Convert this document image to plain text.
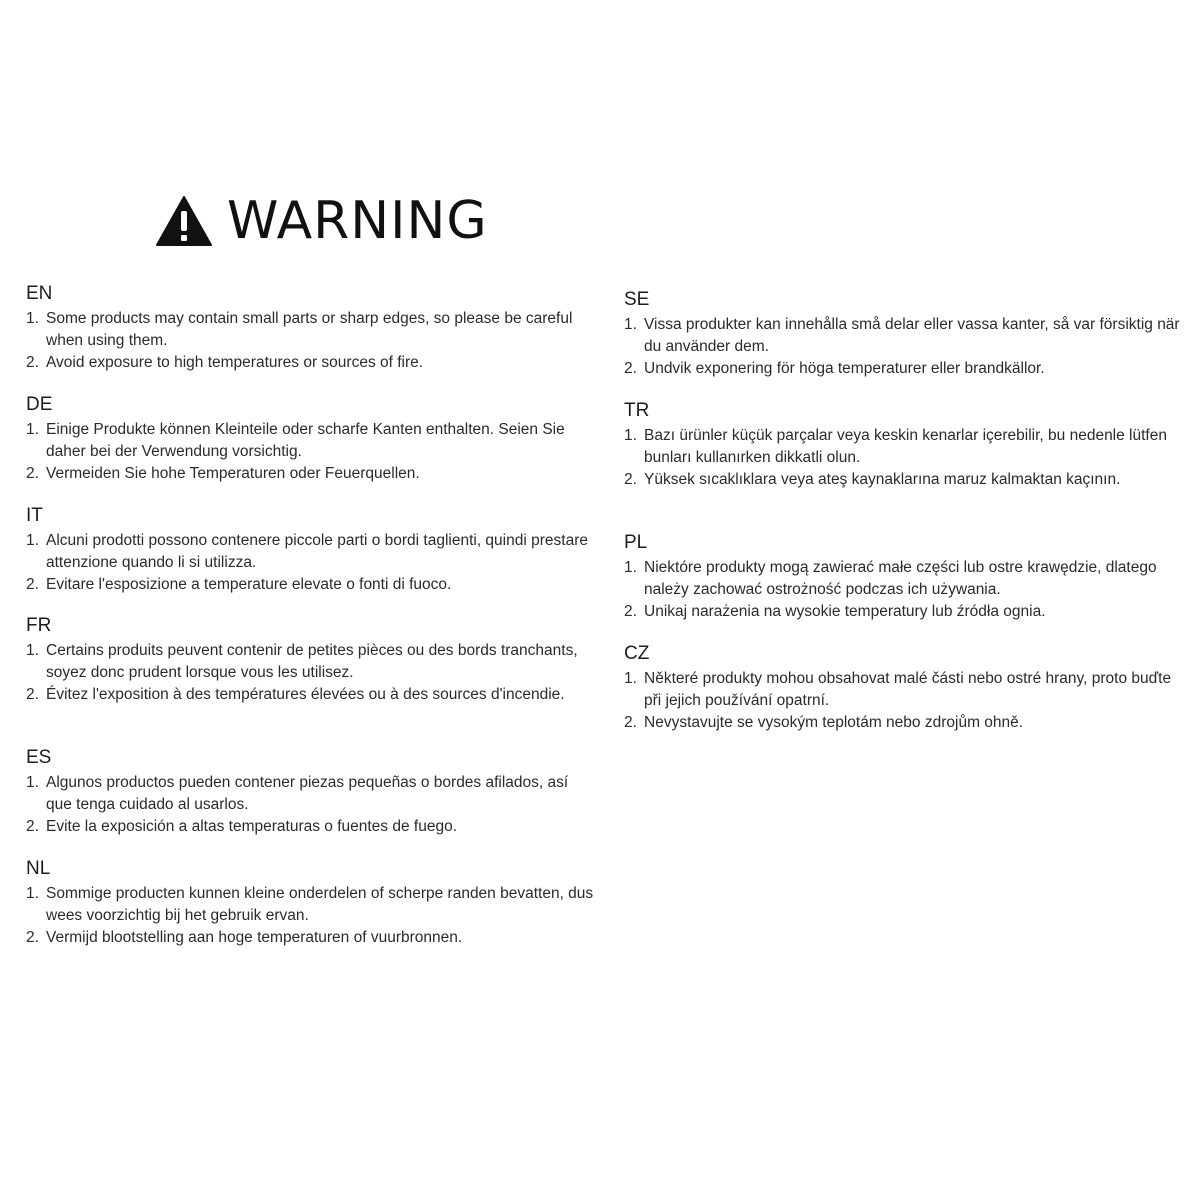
WARNING
EN
1. Some products may contain small parts or sharp edges, so please be careful when using them.
2. Avoid exposure to high temperatures or sources of fire.
DE
1. Einige Produkte können Kleinteile oder scharfe Kanten enthalten. Seien Sie daher bei der Verwendung vorsichtig.
2. Vermeiden Sie hohe Temperaturen oder Feuerquellen.
IT
1. Alcuni prodotti possono contenere piccole parti o bordi taglienti, quindi prestare attenzione quando li si utilizza.
2. Evitare l'esposizione a temperature elevate o fonti di fuoco.
FR
1. Certains produits peuvent contenir de petites pièces ou des bords tranchants, soyez donc prudent lorsque vous les utilisez.
2. Évitez l'exposition à des températures élevées ou à des sources d'incendie.
ES
1. Algunos productos pueden contener piezas pequeñas o bordes afilados, así que tenga cuidado al usarlos.
2. Evite la exposición a altas temperaturas o fuentes de fuego.
NL
1. Sommige producten kunnen kleine onderdelen of scherpe randen bevatten, dus wees voorzichtig bij het gebruik ervan.
2. Vermijd blootstelling aan hoge temperaturen of vuurbronnen.
SE
1. Vissa produkter kan innehålla små delar eller vassa kanter, så var försiktig när du använder dem.
2. Undvik exponering för höga temperaturer eller brandkällor.
TR
1. Bazı ürünler küçük parçalar veya keskin kenarlar içerebilir, bu nedenle lütfen bunları kullanırken dikkatli olun.
2. Yüksek sıcaklıklara veya ateş kaynaklarına maruz kalmaktan kaçının.
PL
1. Niektóre produkty mogą zawierać małe części lub ostre krawędzie, dlatego należy zachować ostrożność podczas ich używania.
2. Unikaj narażenia na wysokie temperatury lub źródła ognia.
CZ
1. Některé produkty mohou obsahovat malé části nebo ostré hrany, proto buďte při jejich používání opatrní.
2. Nevystavujte se vysokým teplotám nebo zdrojům ohně.
